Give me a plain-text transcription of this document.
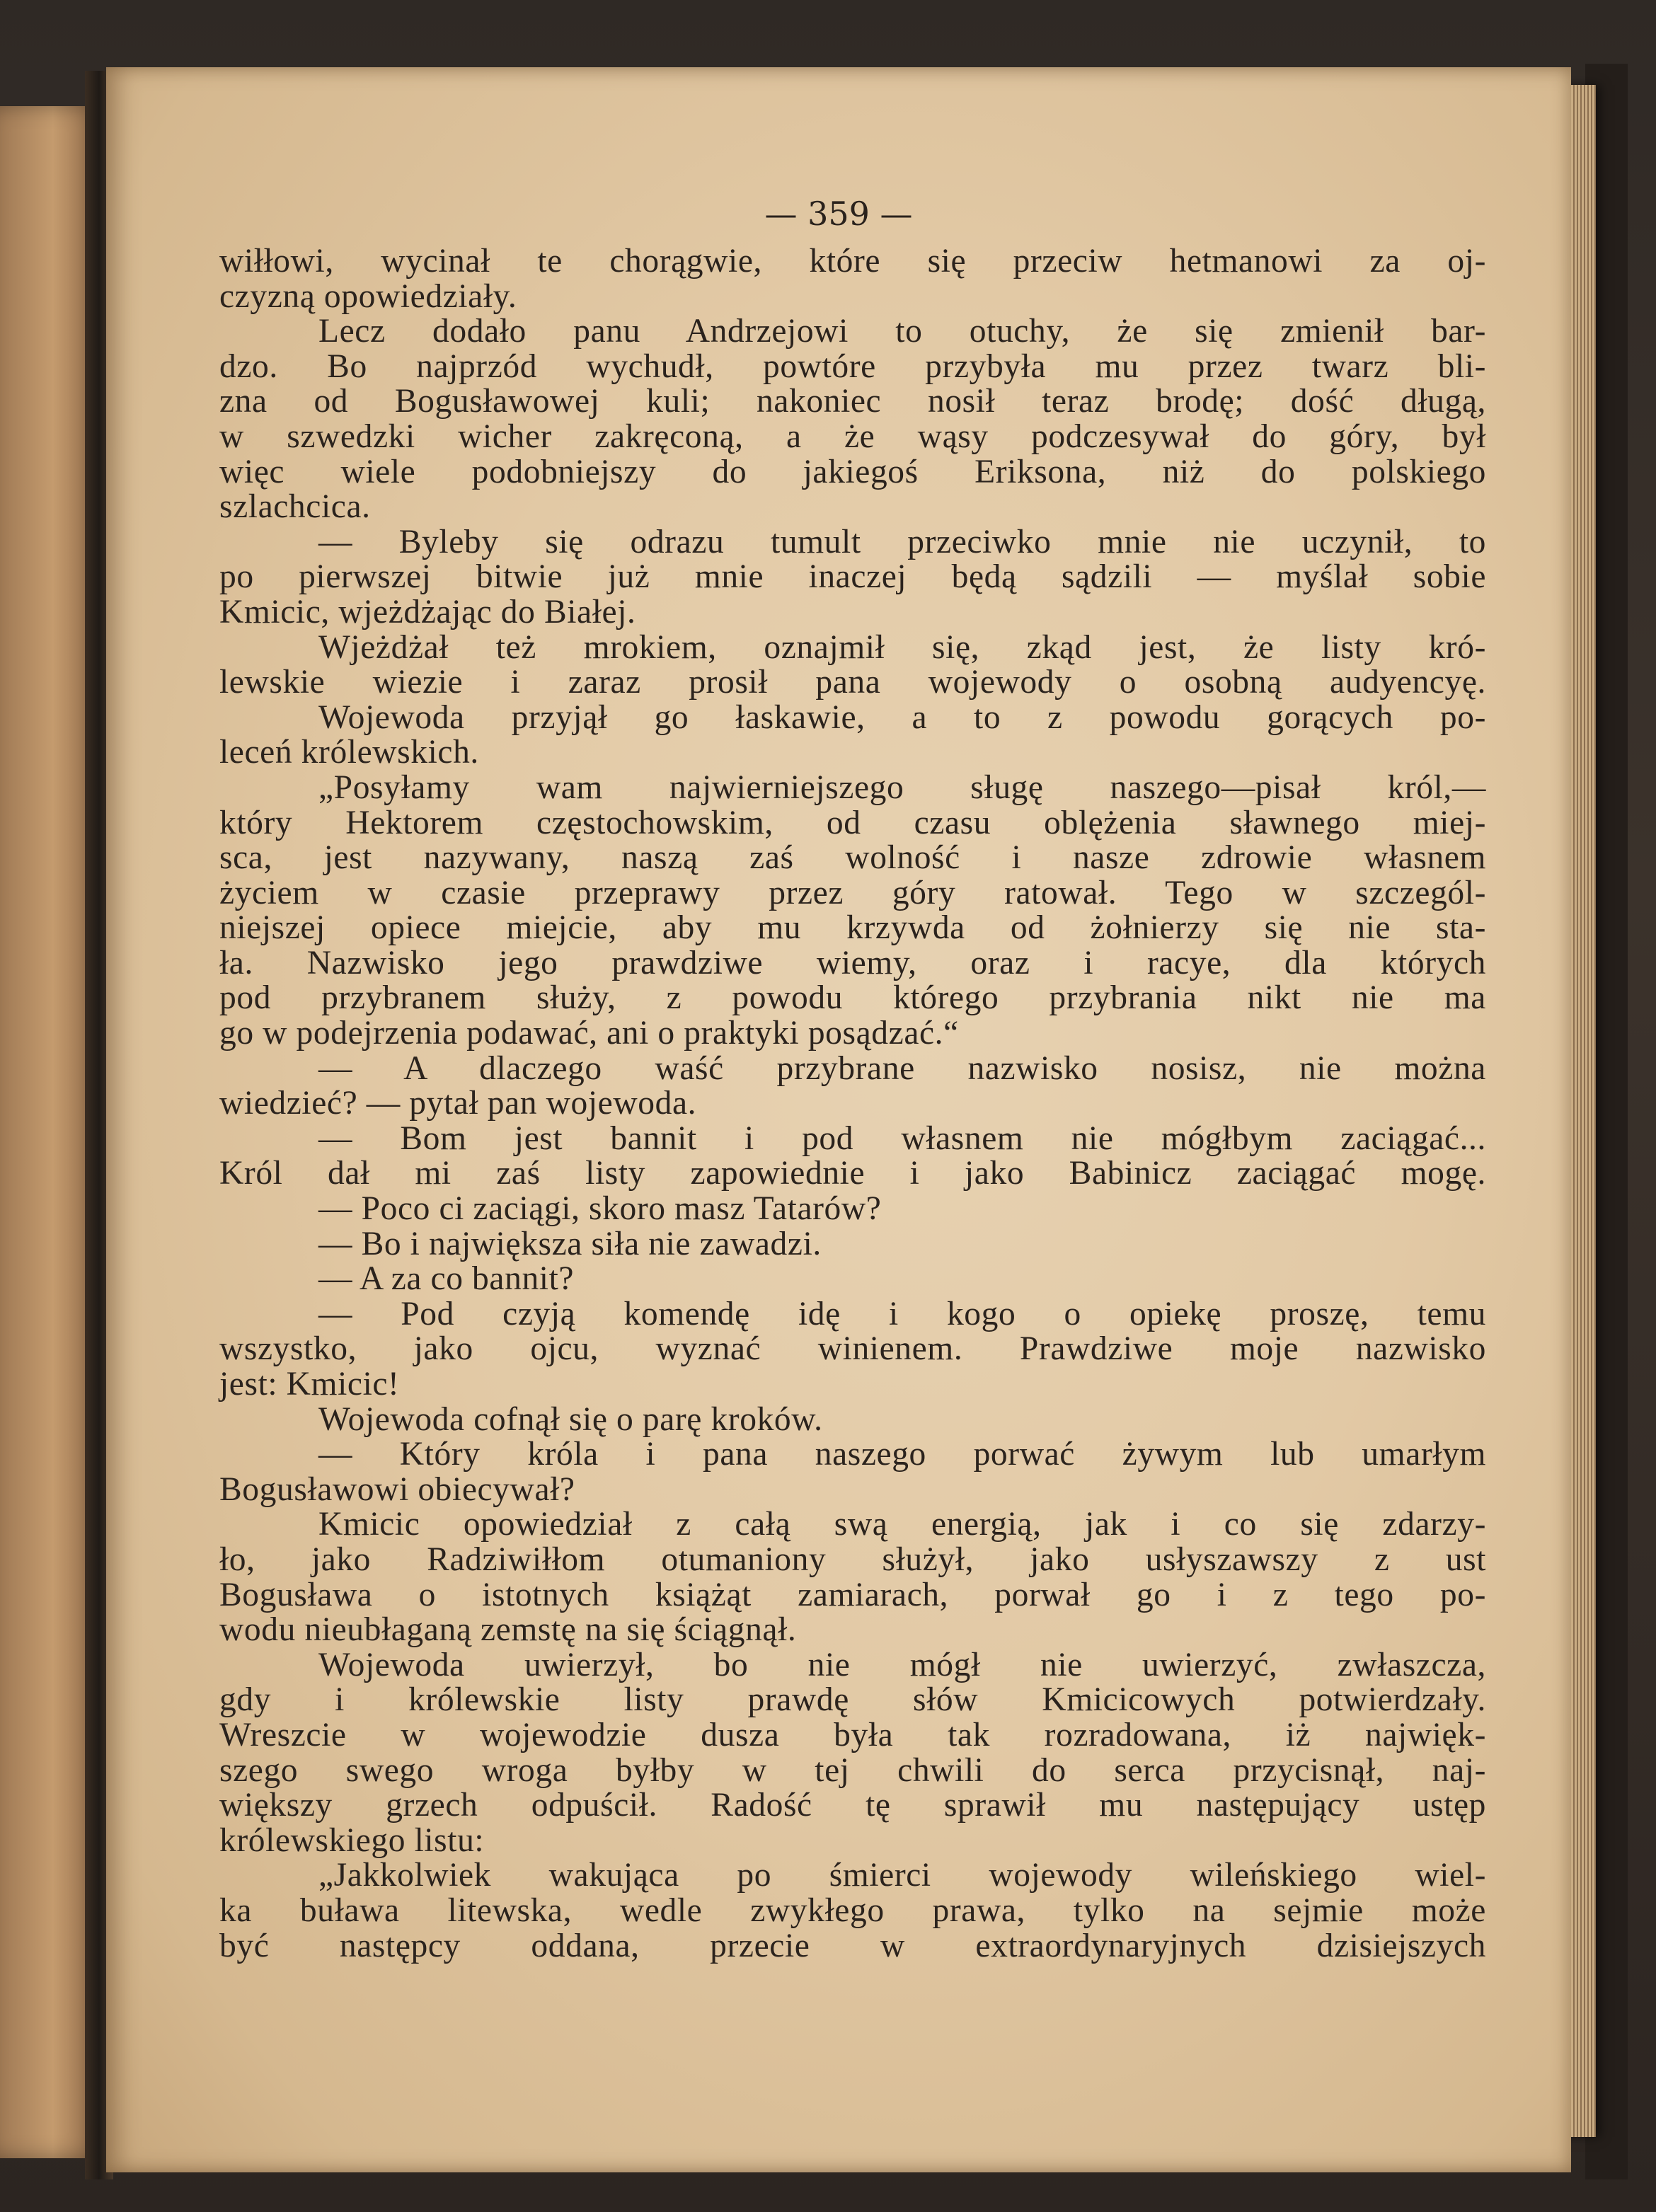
— 359 —

wiłłowi, wycinał te chorągwie, które się przeciw hetmanowi za oj-
czyzną opowiedziały.
Lecz dodało panu Andrzejowi to otuchy, że się zmienił bar-
dzo. Bo najprzód wychudł, powtóre przybyła mu przez twarz bli-
zna od Bogusławowej kuli; nakoniec nosił teraz brodę; dość długą,
w szwedzki wicher zakręconą, a że wąsy podczesywał do góry, był
więc wiele podobniejszy do jakiegoś Eriksona, niż do polskiego
szlachcica.
— Byleby się odrazu tumult przeciwko mnie nie uczynił, to
po pierwszej bitwie już mnie inaczej będą sądzili — myślał sobie
Kmicic, wjeżdżając do Białej.
Wjeżdżał też mrokiem, oznajmił się, zkąd jest, że listy kró-
lewskie wiezie i zaraz prosił pana wojewody o osobną audyencyę.
Wojewoda przyjął go łaskawie, a to z powodu gorących po-
leceń królewskich.
„Posyłamy wam najwierniejszego sługę naszego—pisał król,—
który Hektorem częstochowskim, od czasu oblężenia sławnego miej-
sca, jest nazywany, naszą zaś wolność i nasze zdrowie własnem
życiem w czasie przeprawy przez góry ratował. Tego w szczegól-
niejszej opiece miejcie, aby mu krzywda od żołnierzy się nie sta-
ła. Nazwisko jego prawdziwe wiemy, oraz i racye, dla których
pod przybranem służy, z powodu którego przybrania nikt nie ma
go w podejrzenia podawać, ani o praktyki posądzać.“
— A dlaczego waść przybrane nazwisko nosisz, nie można
wiedzieć? — pytał pan wojewoda.
— Bom jest bannit i pod własnem nie mógłbym zaciągać...
Król dał mi zaś listy zapowiednie i jako Babinicz zaciągać mogę.
— Poco ci zaciągi, skoro masz Tatarów?
— Bo i największa siła nie zawadzi.
— A za co bannit?
— Pod czyją komendę idę i kogo o opiekę proszę, temu
wszystko, jako ojcu, wyznać winienem. Prawdziwe moje nazwisko
jest: Kmicic!
Wojewoda cofnął się o parę kroków.
— Który króla i pana naszego porwać żywym lub umarłym
Bogusławowi obiecywał?
Kmicic opowiedział z całą swą energią, jak i co się zdarzy-
ło, jako Radziwiłłom otumaniony służył, jako usłyszawszy z ust
Bogusława o istotnych książąt zamiarach, porwał go i z tego po-
wodu nieubłaganą zemstę na się ściągnął.
Wojewoda uwierzył, bo nie mógł nie uwierzyć, zwłaszcza,
gdy i królewskie listy prawdę słów Kmicicowych potwierdzały.
Wreszcie w wojewodzie dusza była tak rozradowana, iż najwięk-
szego swego wroga byłby w tej chwili do serca przycisnął, naj-
większy grzech odpuścił. Radość tę sprawił mu następujący ustęp
królewskiego listu:
„Jakkolwiek wakująca po śmierci wojewody wileńskiego wiel-
ka buława litewska, wedle zwykłego prawa, tylko na sejmie może
być następcy oddana, przecie w extraordynaryjnych dzisiejszych
